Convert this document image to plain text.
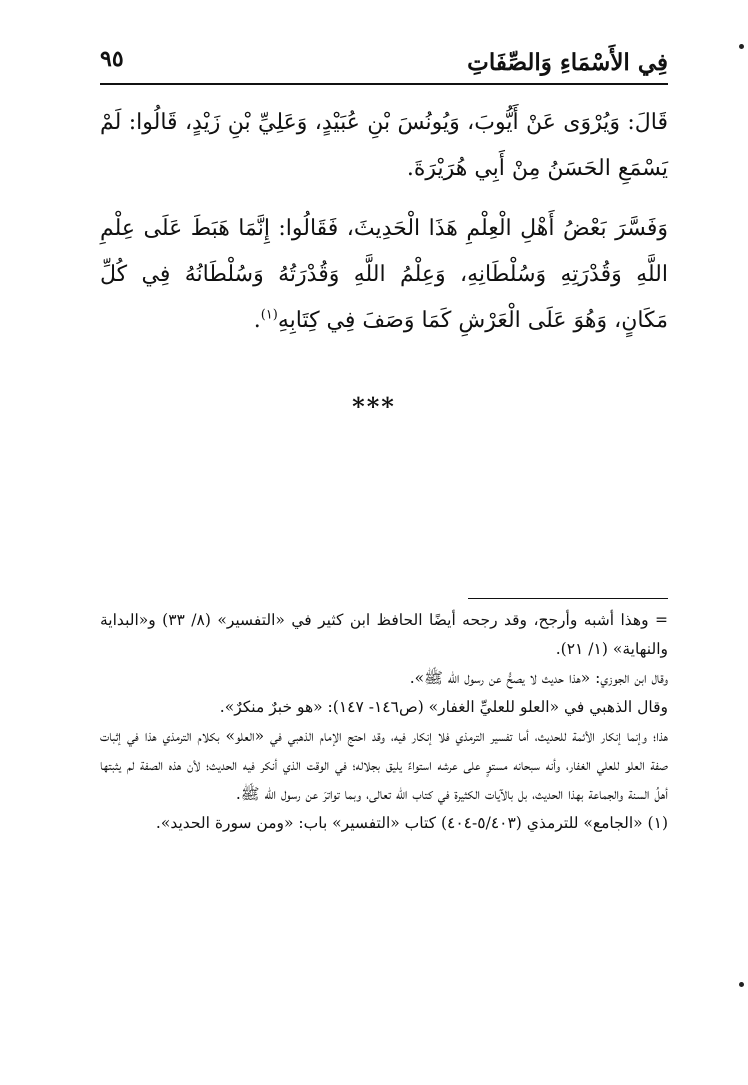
فِي الأَسْمَاءِ وَالصِّفَاتِ
٩٥

قَالَ: وَيُرْوَى عَنْ أَيُّوبَ، وَيُونُسَ بْنِ عُبَيْدٍ، وَعَلِيِّ بْنِ زَيْدٍ، قَالُوا: لَمْ يَسْمَعِ الحَسَنُ مِنْ أَبِي هُرَيْرَةَ.

وَفَسَّرَ بَعْضُ أَهْلِ الْعِلْمِ هَذَا الْحَدِيثَ، فَقَالُوا: إِنَّمَا هَبَطَ عَلَى عِلْمِ اللَّهِ وَقُدْرَتِهِ وَسُلْطَانِهِ، وَعِلْمُ اللَّهِ وَقُدْرَتُهُ وَسُلْطَانُهُ فِي كُلِّ مَكَانٍ، وَهُوَ عَلَى الْعَرْشِ كَمَا وَصَفَ فِي كِتَابِهِ$^{(١)}$.

***

= وهذا أشبه وأرجح، وقد رجحه أيضًا الحافظ ابن كثير في «التفسير» (٨/ ٣٣) و«البداية والنهاية» (١/ ٢١).

وقال ابن الجوزي: «هذا حديث لا يصحُّ عن رسول الله ﷺ».

وقال الذهبي في «العلو للعليِّ الغفار» (ص١٤٦- ١٤٧): «هو خبرٌ منكرٌ».

هذا؛ وإنما إنكار الأئمة للحديث، أما تفسير الترمذي فلا إنكار فيه، وقد احتج الإمام الذهبي في «العلو» بكلام الترمذي هذا في إثبات صفة العلو للعلي الغفار، وأنه سبحانه مستوٍ على عرشه استواءً يليق بجلاله؛ في الوقت الذي أنكر فيه الحديث؛ لأن هذه الصفة لم يثبتها أهلُ السنة والجماعة بهذا الحديث، بل بالآيات الكثيرة في كتاب الله تعالى، وبما تواترَ عن رسول الله ﷺ.

(١) «الجامع» للترمذي (٥/٤٠٣-٤٠٤) كتاب «التفسير» باب: «ومن سورة الحديد».
